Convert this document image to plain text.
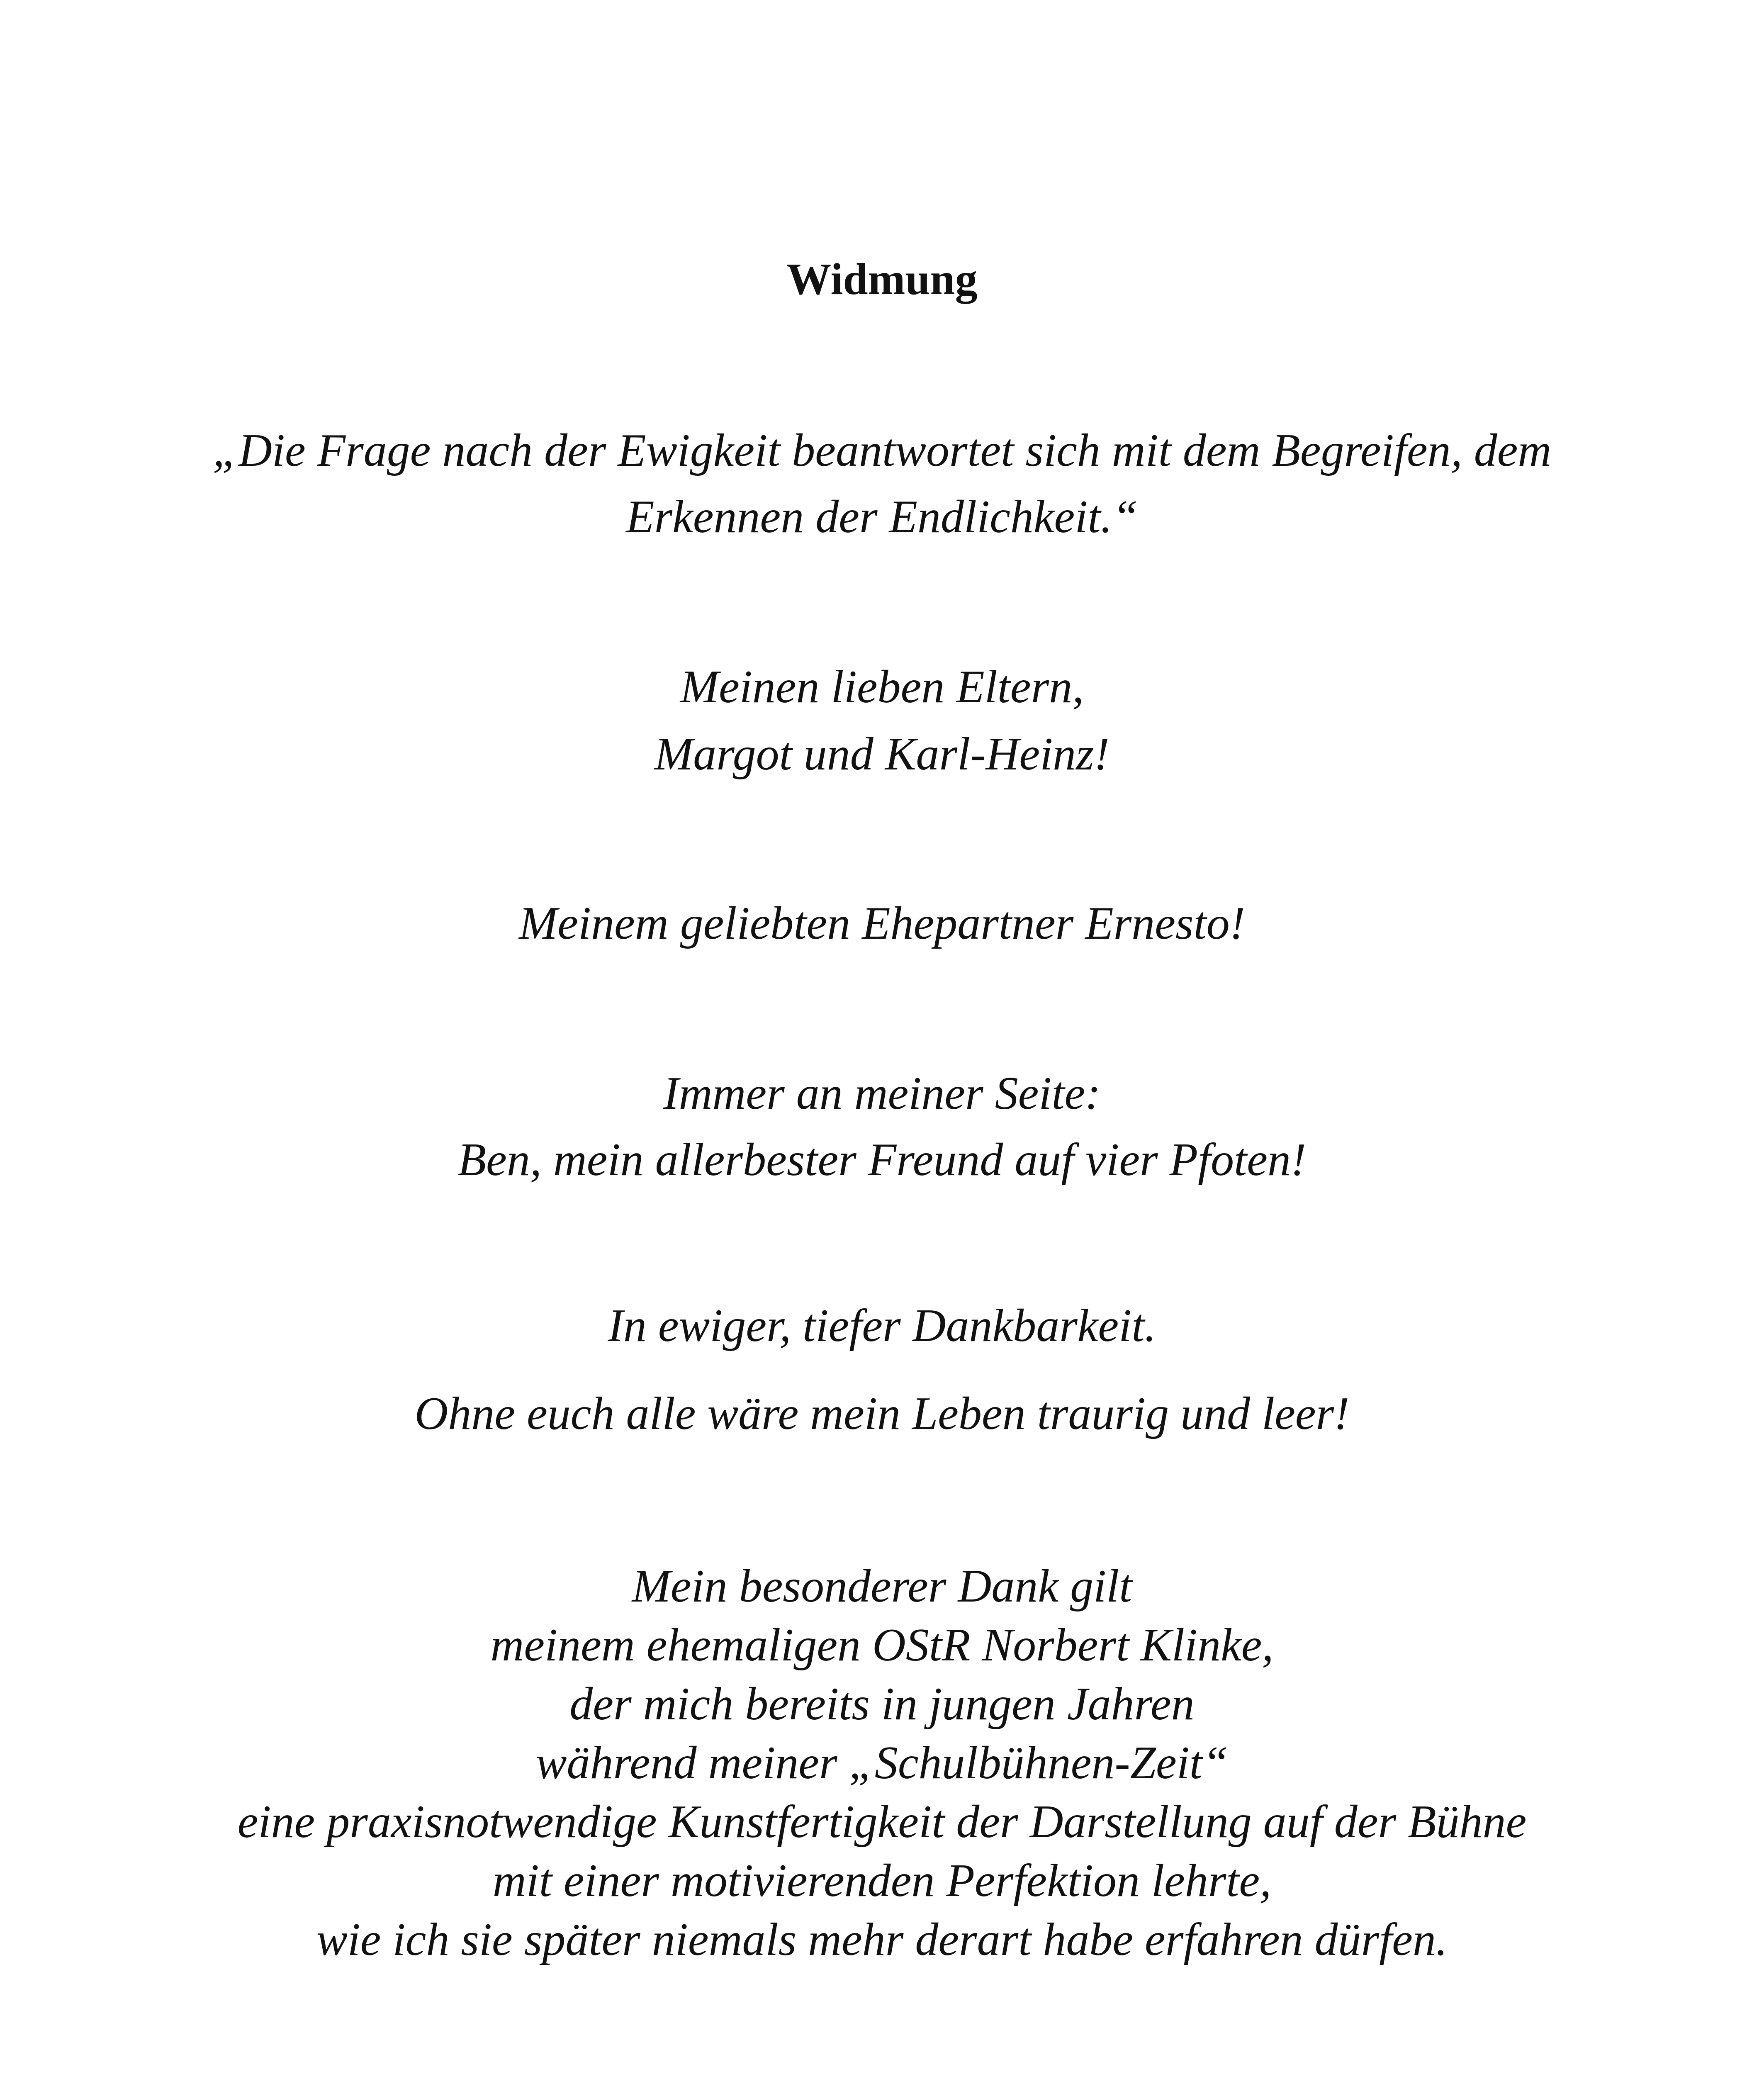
Widmung
„Die Frage nach der Ewigkeit beantwortet sich mit dem Begreifen, dem
Erkennen der Endlichkeit.“
Meinen lieben Eltern,
Margot und Karl-Heinz!
Meinem geliebten Ehepartner Ernesto!
Immer an meiner Seite:
Ben, mein allerbester Freund auf vier Pfoten!
In ewiger, tiefer Dankbarkeit.
Ohne euch alle wäre mein Leben traurig und leer!
Mein besonderer Dank gilt
meinem ehemaligen OStR Norbert Klinke,
der mich bereits in jungen Jahren
während meiner „Schulbühnen-Zeit“
eine praxisnotwendige Kunstfertigkeit der Darstellung auf der Bühne
mit einer motivierenden Perfektion lehrte,
wie ich sie später niemals mehr derart habe erfahren dürfen.
